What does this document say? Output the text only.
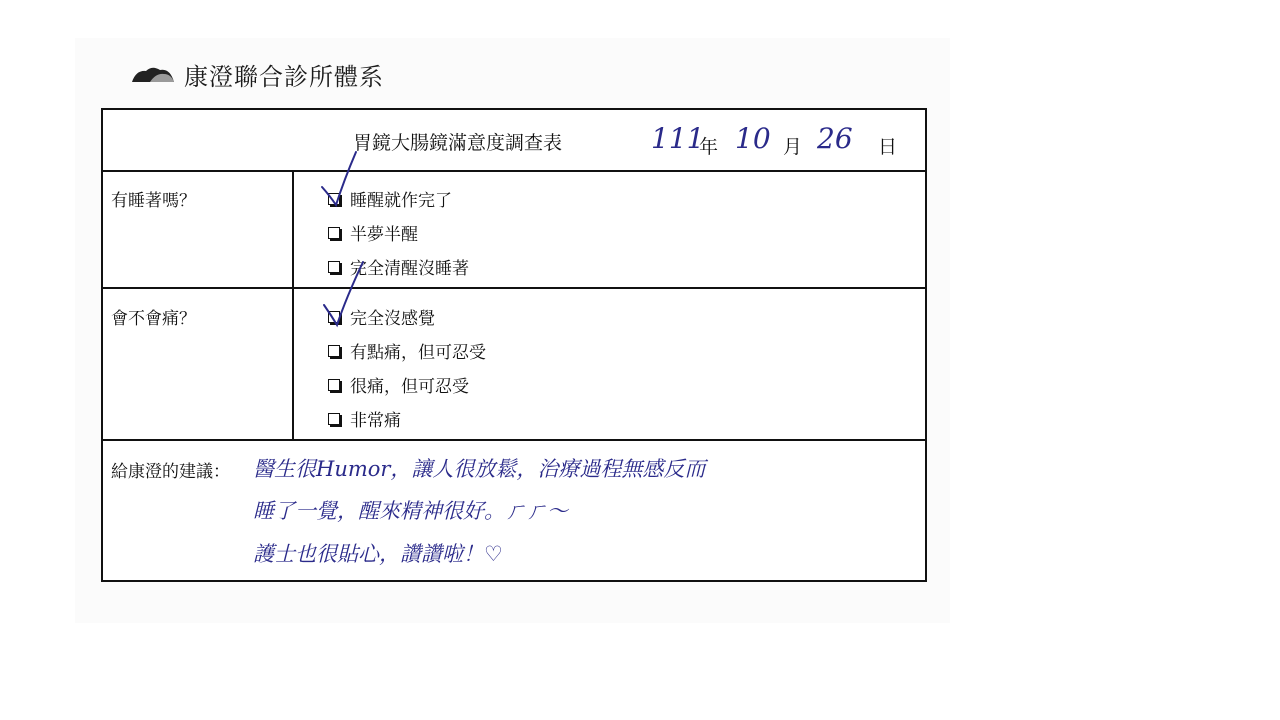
康澄聯合診所體系
胃鏡大腸鏡滿意度調查表	111
年 10 月 26 日
有睡著嗎？	睡醒就作完了
半夢半醒
完全清醒沒睡著
會不會痛？	完全沒感覺
有點痛，但可忍受
很痛，但可忍受
非常痛
給康澄的建議： 醫生很Humor，讓人很放鬆，治療過程無感反而
睡了一覺，醒來精神很好。ㄏㄏ～
護士也很貼心，讚讚啦！♡
